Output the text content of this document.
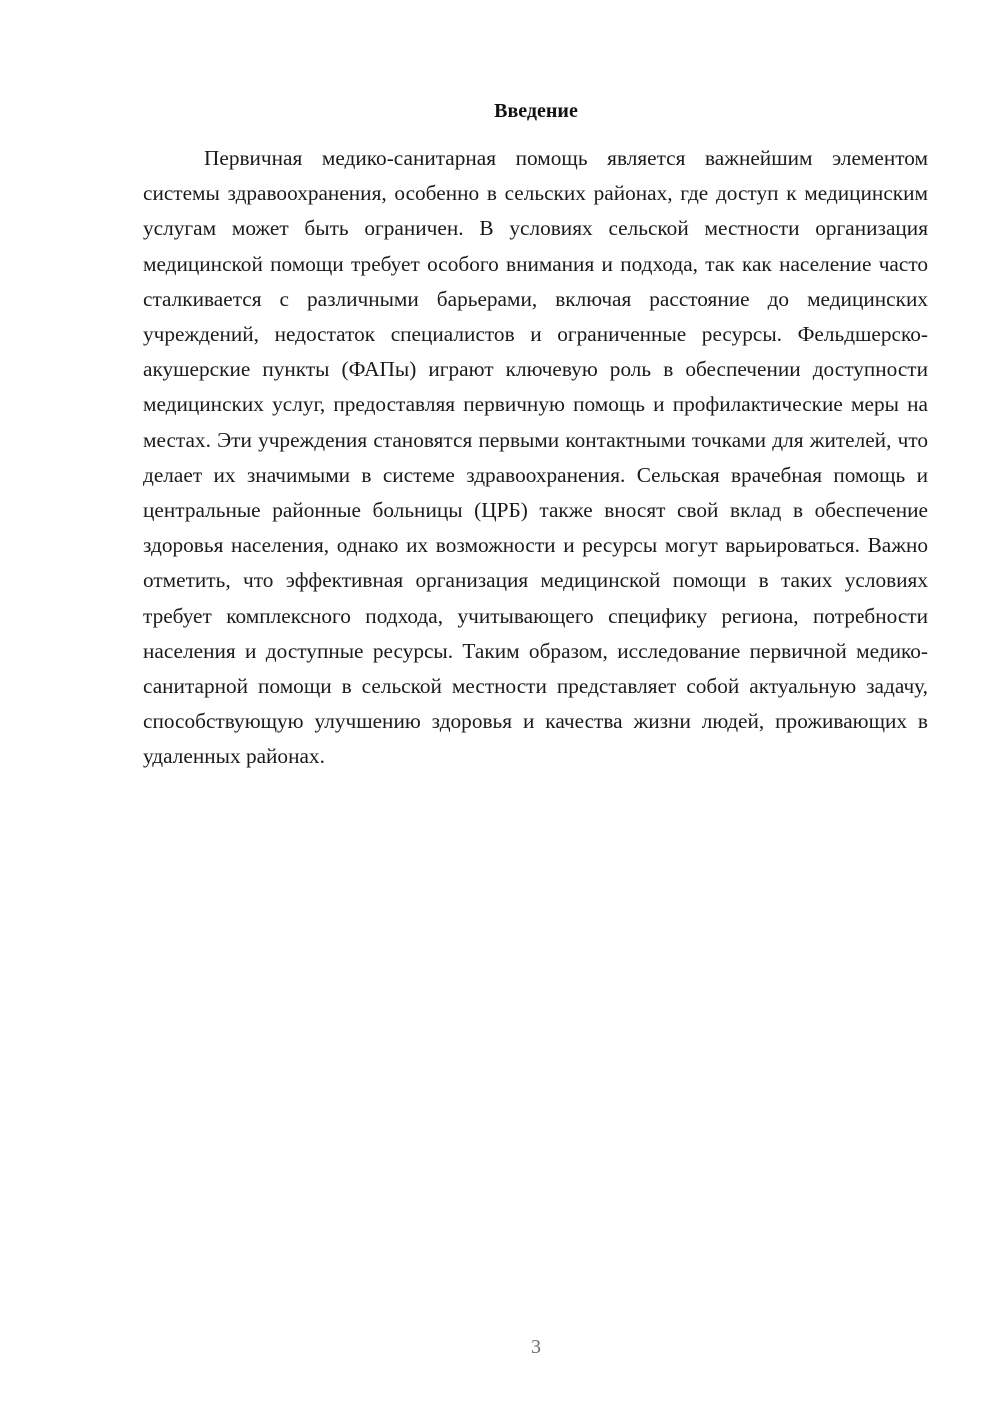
Введение

Первичная медико-санитарная помощь является важнейшим элементом системы здравоохранения, особенно в сельских районах, где доступ к медицинским услугам может быть ограничен. В условиях сельской местности организация медицинской помощи требует особого внимания и подхода, так как население часто сталкивается с различными барьерами, включая расстояние до медицинских учреждений, недостаток специалистов и ограниченные ресурсы. Фельдшерско-акушерские пункты (ФАПы) играют ключевую роль в обеспечении доступности медицинских услуг, предоставляя первичную помощь и профилактические меры на местах. Эти учреждения становятся первыми контактными точками для жителей, что делает их значимыми в системе здравоохранения. Сельская врачебная помощь и центральные районные больницы (ЦРБ) также вносят свой вклад в обеспечение здоровья населения, однако их возможности и ресурсы могут варьироваться. Важно отметить, что эффективная организация медицинской помощи в таких условиях требует комплексного подхода, учитывающего специфику региона, потребности населения и доступные ресурсы. Таким образом, исследование первичной медико-санитарной помощи в сельской местности представляет собой актуальную задачу, способствующую улучшению здоровья и качества жизни людей, проживающих в удаленных районах.

3
